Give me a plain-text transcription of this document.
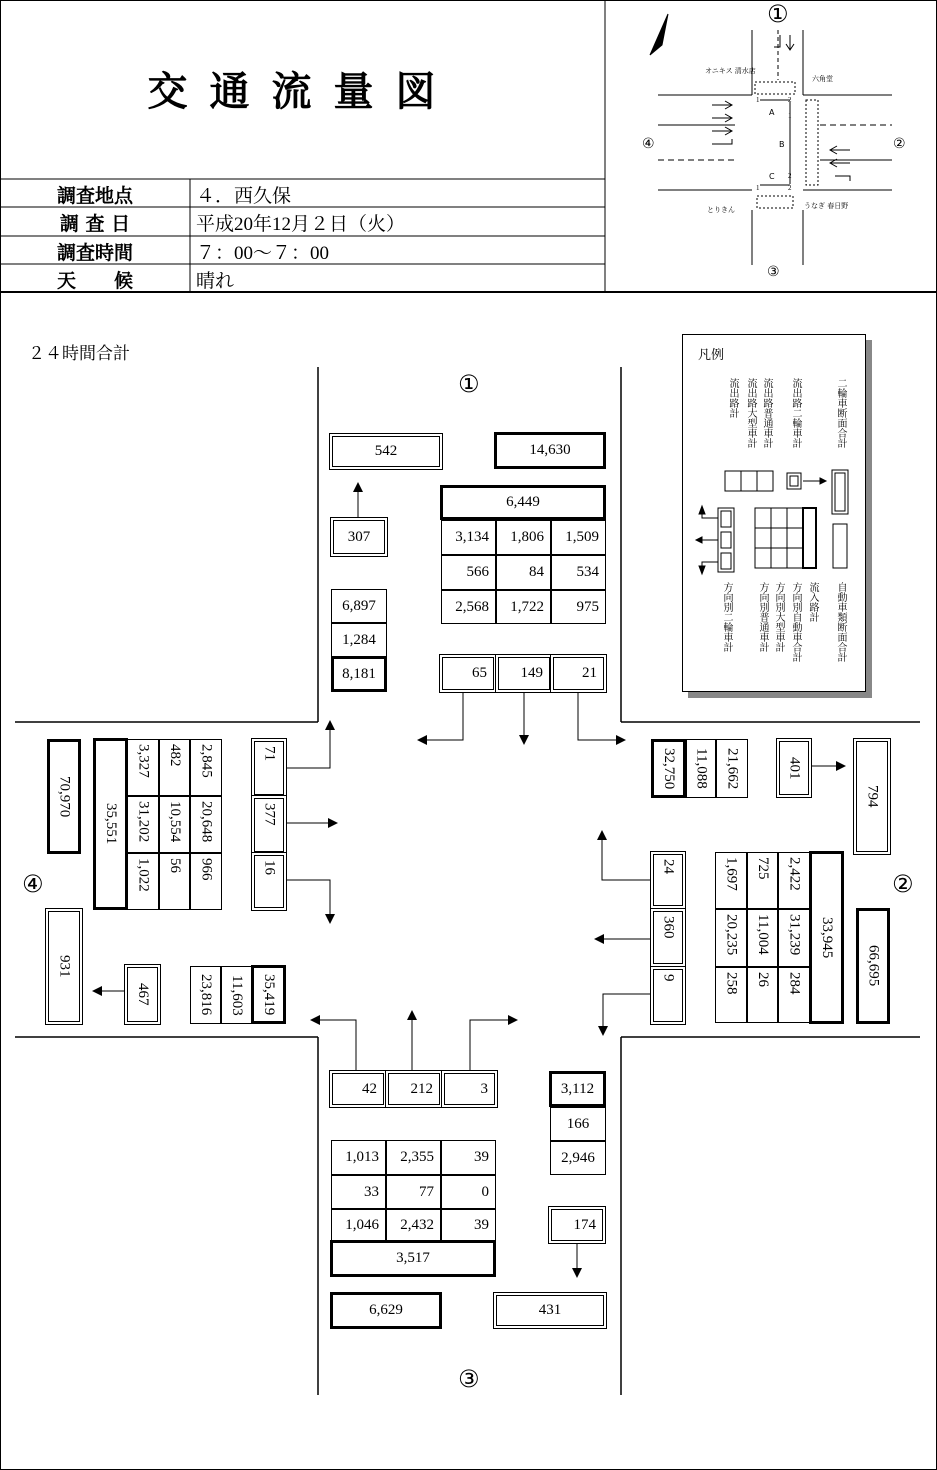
交通流量図
調査地点	４．西久保
調 査 日	平成20年12月２日（火）
調査時間	７：00～７：00
天　　候	晴れ
①
②
③
④
オニキス 清水店
六角堂
とりきん	うなぎ 春日野
A
B
C
1	2
1
2
1	2
２４時間合計
①
②
③
④
凡例
流出路計 流出路大型車計 流出路普通車計 流出路二輪車計	二輪車断面合計
方向別二輪車計	方向別普通車計 方向別大型車計 方向別自動車合計 流入路計 自動車類断面合計
542	14,630
307
6,449
3,134	1,806	1,509
566	84	534
2,568	1,722	975
6,897
1,284
8,181	65	149	21
32,750	11,088	21,662	401
794
24
360
9
1,697	725	2,422
20,235	11,004	31,239
258	26	284
33,945
66,695
42	212	3	3,112
166
2,946
1,013	2,355	39
33	77	0
1,046	2,432	39
3,517
174
6,629	431
70,970
35,551
3,327	482	2,845
31,202	10,554	20,648
1,022	56	966
71
377
16
931
467	23,816	11,603	35,419
